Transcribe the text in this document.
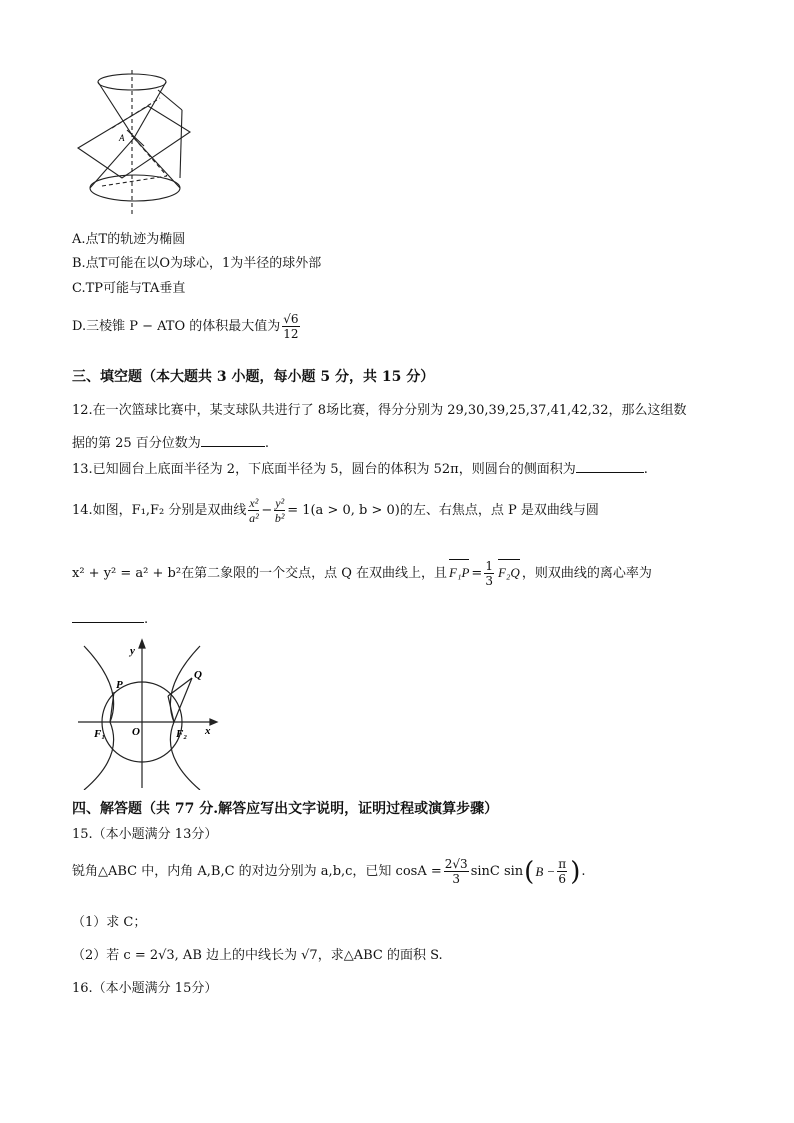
A
A.点T的轨迹为椭圆
B.点T可能在以O为球心，1为半径的球外部
C.TP可能与TA垂直
D.三棱锥 P − ATO 的体积最大值为 $\frac{√6}{12}$
三、填空题（本大题共 3 小题，每小题 5 分，共 15 分）
12.在一次篮球比赛中，某支球队共进行了 8场比赛，得分分别为 29,30,39,25,37,41,42,32，那么这组数
据的第 25 百分位数为	.
13.已知圆台上底面半径为 2，下底面半径为 5，圆台的体积为 52π，则圆台的侧面积为	.
14.如图，F₁,F₂ 分别是双曲线 $\frac{\text{x²}}{\text{a²}} - \frac{\text{y²}}{\text{b²}} = 1(a > 0$, b > 0) 的左、右焦点，点 P 是双曲线与圆
x² + y² = a² + b²在第二象限的一个交点，点 Q 在双曲线上，且 $F_1P = \frac{1}{3} F_2Q$ ，则双曲线的离心率为
.
y
x
P
Q
O
F₁	F₂
四、解答题（共 77 分.解答应写出文字说明，证明过程或演算步骤）
15.（本小题满分 13分）
锐角△ABC 中，内角 A,B,C 的对边分别为 a,b,c，已知 $\cos A = \frac{2√3}{3}$ sinC sin ( $B - \frac{\pi}{6}$ ) .
（1）求 C；
（2）若 c = 2√3, AB 边上的中线长为 √7，求△ABC 的面积 S.
16.（本小题满分 15分）
